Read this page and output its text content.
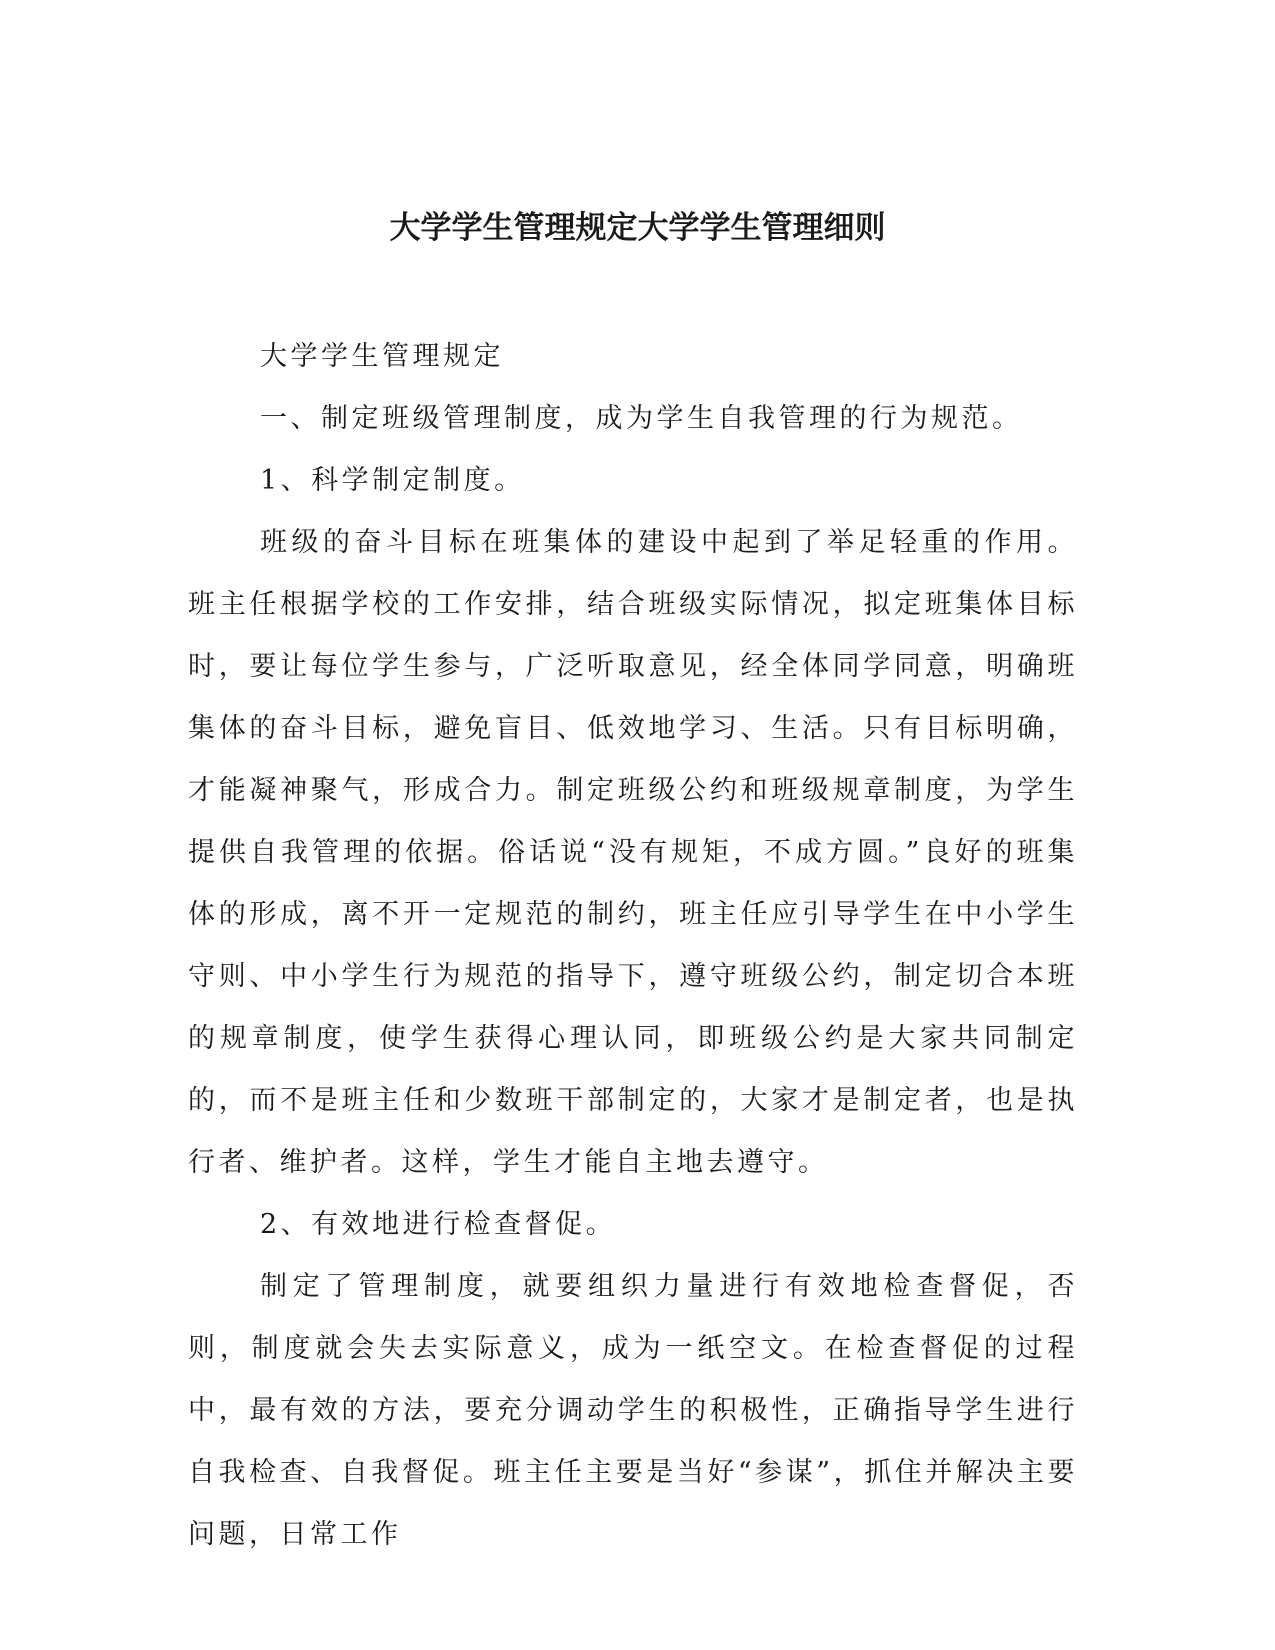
大学学生管理规定大学学生管理细则

大学学生管理规定

一、制定班级管理制度，成为学生自我管理的行为规范。

1、科学制定制度。

班级的奋斗目标在班集体的建设中起到了举足轻重的作用。班主任根据学校的工作安排，结合班级实际情况，拟定班集体目标时，要让每位学生参与，广泛听取意见，经全体同学同意，明确班集体的奋斗目标，避免盲目、低效地学习、生活。只有目标明确，才能凝神聚气，形成合力。制定班级公约和班级规章制度，为学生提供自我管理的依据。俗话说“没有规矩，不成方圆。”良好的班集体的形成，离不开一定规范的制约，班主任应引导学生在中小学生守则、中小学生行为规范的指导下，遵守班级公约，制定切合本班的规章制度，使学生获得心理认同，即班级公约是大家共同制定的，而不是班主任和少数班干部制定的，大家才是制定者，也是执行者、维护者。这样，学生才能自主地去遵守。

2、有效地进行检查督促。

制定了管理制度，就要组织力量进行有效地检查督促，否则，制度就会失去实际意义，成为一纸空文。在检查督促的过程中，最有效的方法，要充分调动学生的积极性，正确指导学生进行自我检查、自我督促。班主任主要是当好“参谋”，抓住并解决主要问题，日常工作
